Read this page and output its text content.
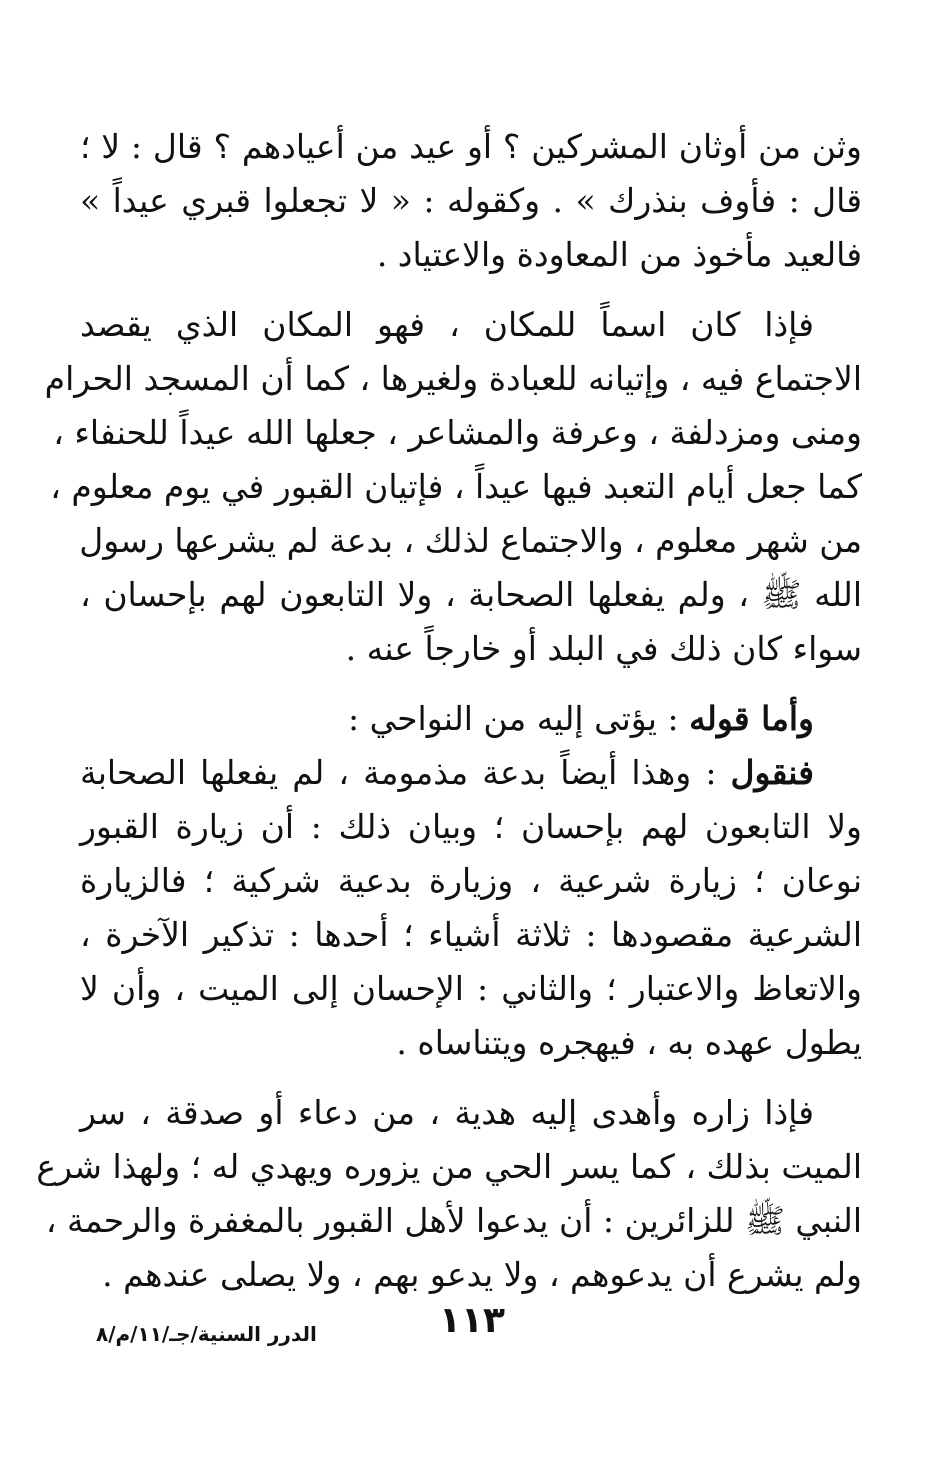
وثن من أوثان المشركين ؟ أو عيد من أعيادهم ؟ قال : لا ؛
قال : فأوف بنذرك » . وكقوله : « لا تجعلوا قبري عيداً »
فالعيد مأخوذ من المعاودة والاعتياد .
فإذا كان اسماً للمكان ، فهو المكان الذي يقصد
الاجتماع فيه ، وإتيانه للعبادة ولغيرها ، كما أن المسجد الحرام
ومنى ومزدلفة ، وعرفة والمشاعر ، جعلها الله عيداً للحنفاء ،
كما جعل أيام التعبد فيها عيداً ، فإتيان القبور في يوم معلوم ،
من شهر معلوم ، والاجتماع لذلك ، بدعة لم يشرعها رسول
الله ﷺ ، ولم يفعلها الصحابة ، ولا التابعون لهم بإحسان ،
سواء كان ذلك في البلد أو خارجاً عنه .
وأما قوله : يؤتى إليه من النواحي :
فنقول : وهذا أيضاً بدعة مذمومة ، لم يفعلها الصحابة
ولا التابعون لهم بإحسان ؛ وبيان ذلك : أن زيارة القبور
نوعان ؛ زيارة شرعية ، وزيارة بدعية شركية ؛ فالزيارة
الشرعية مقصودها : ثلاثة أشياء ؛ أحدها : تذكير الآخرة ،
والاتعاظ والاعتبار ؛ والثاني : الإحسان إلى الميت ، وأن لا
يطول عهده به ، فيهجره ويتناساه .
فإذا زاره وأهدى إليه هدية ، من دعاء أو صدقة ، سر
الميت بذلك ، كما يسر الحي من يزوره ويهدي له ؛ ولهذا شرع
النبي ﷺ للزائرين : أن يدعوا لأهل القبور بالمغفرة والرحمة ،
ولم يشرع أن يدعوهم ، ولا يدعو بهم ، ولا يصلى عندهم .
١١٣
الدرر السنية/جـ/١١/م/٨
